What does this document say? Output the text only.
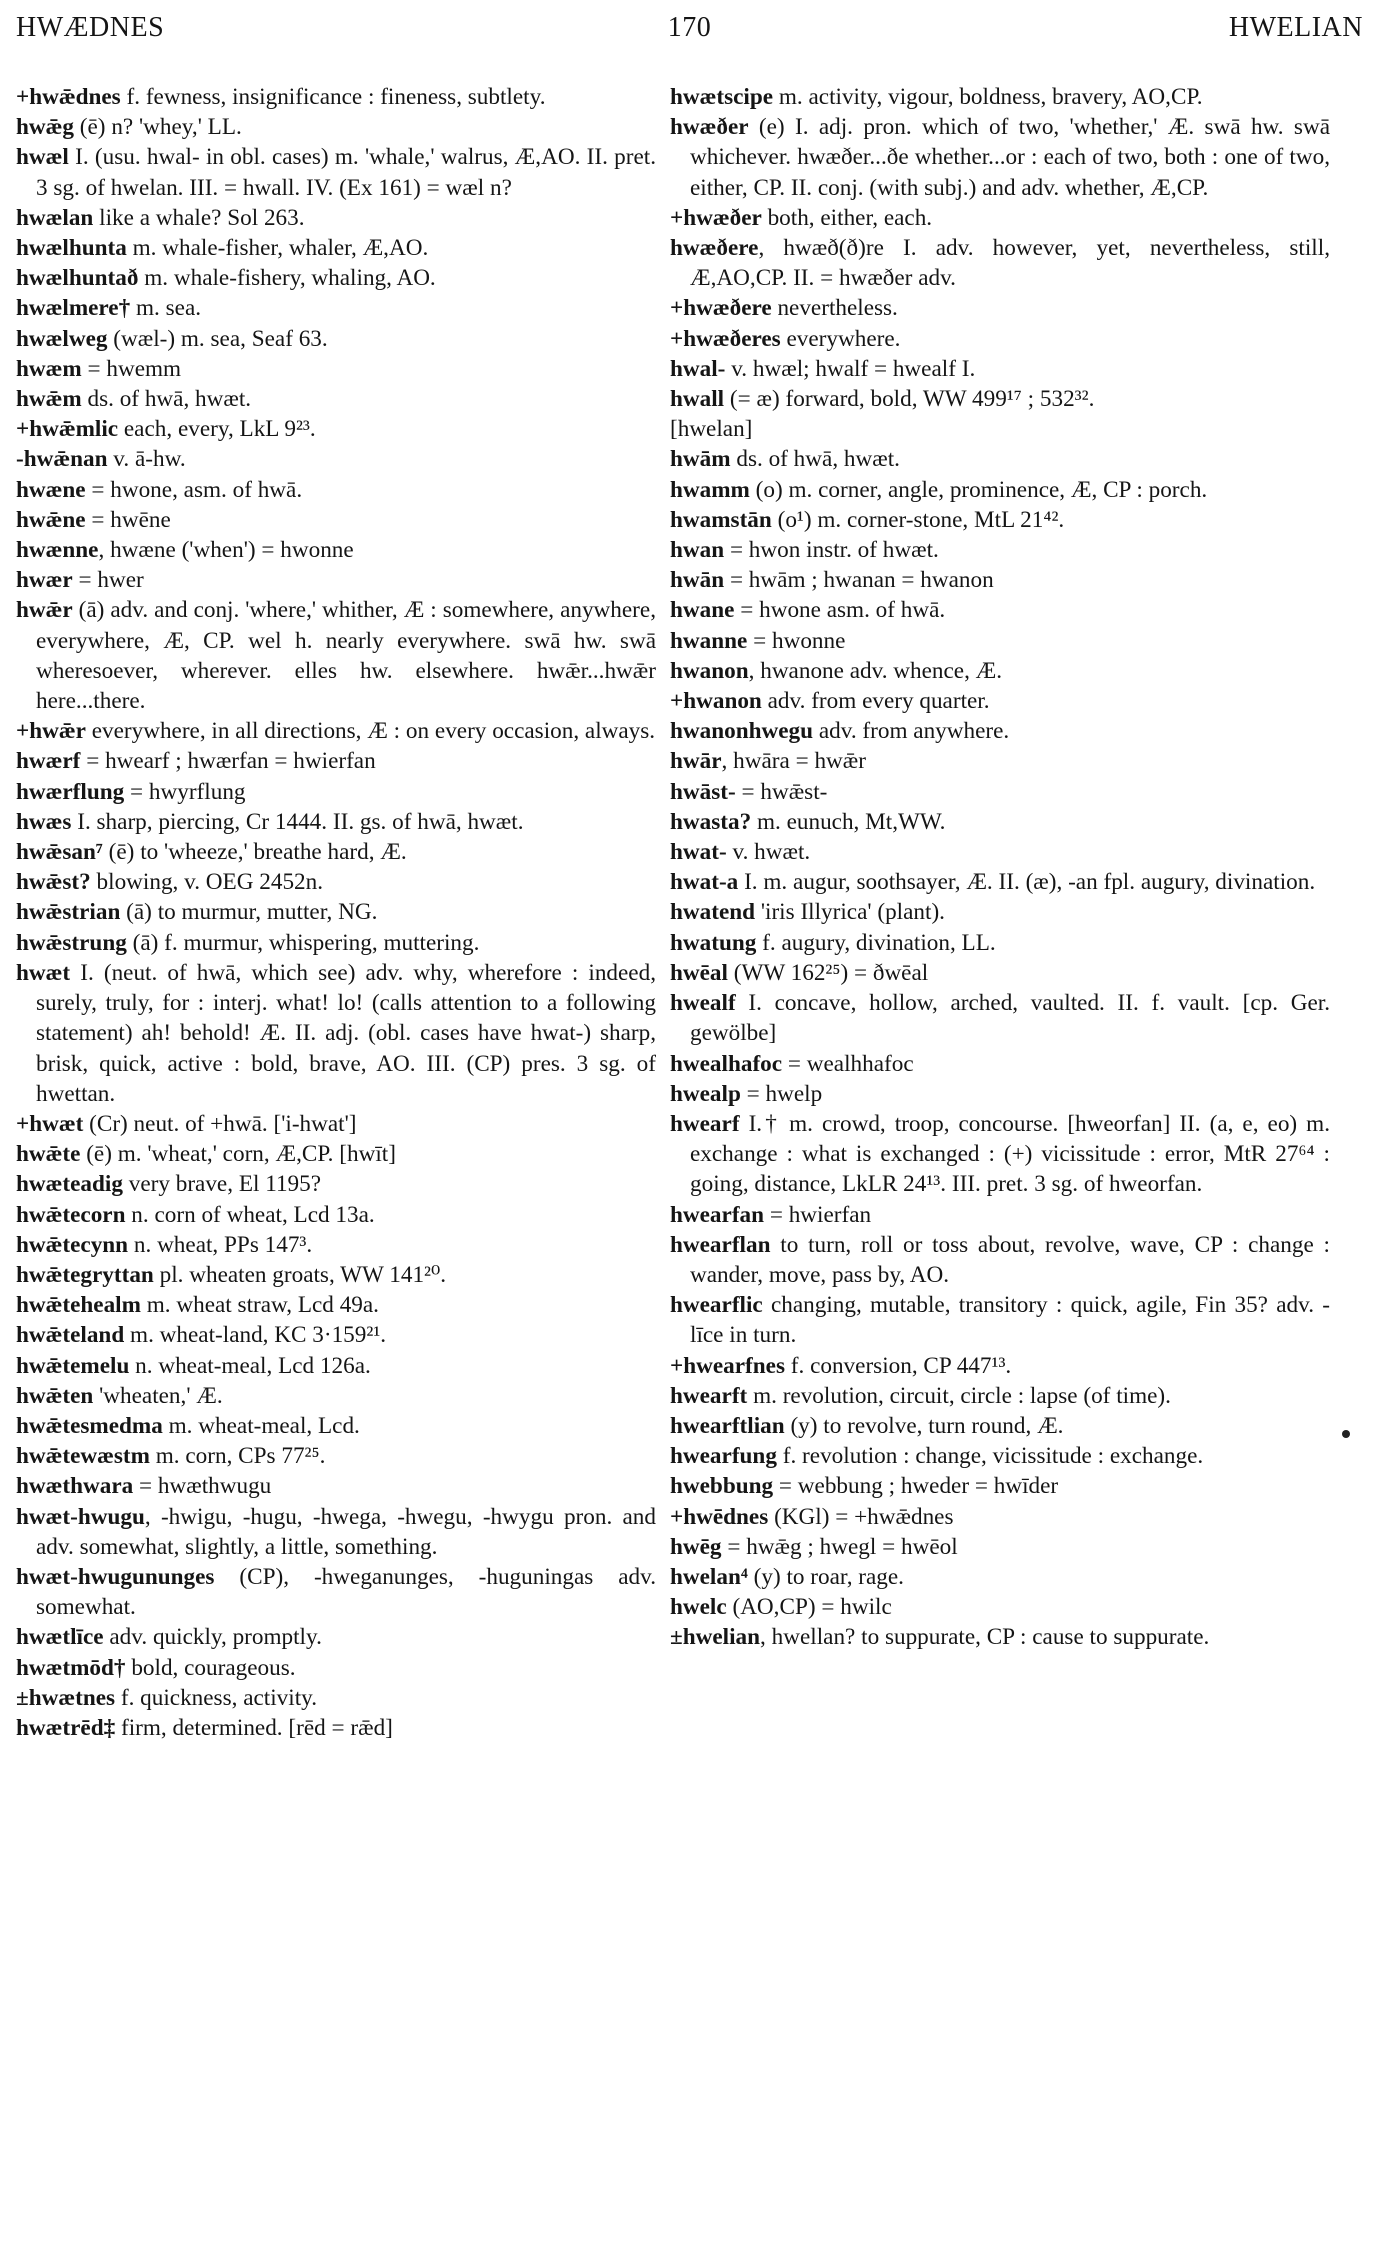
HWÆDNES	170	HWELIAN

+hwǣdnes f. fewness, insignificance : fineness, subtlety.

hwǣg (ē) n? 'whey,' LL.

hwæl I. (usu. hwal- in obl. cases) m. 'whale,' walrus, Æ,AO. II. pret. 3 sg. of hwelan. III. = hwall. IV. (Ex 161) = wæl n?

hwælan like a whale? Sol 263.

hwælhunta m. whale-fisher, whaler, Æ,AO.

hwælhuntað m. whale-fishery, whaling, AO.

hwælmere† m. sea.

hwælweg (wæl-) m. sea, Seaf 63.

hwæm = hwemm

hwǣm ds. of hwā, hwæt.

+hwǣmlic each, every, LkL 9²³.

-hwǣnan v. ā-hw.

hwæne = hwone, asm. of hwā.

hwǣne = hwēne

hwænne, hwæne ('when') = hwonne

hwær = hwer

hwǣr (ā) adv. and conj. 'where,' whither, Æ : somewhere, anywhere, everywhere, Æ, CP. wel h. nearly everywhere. swā hw. swā wheresoever, wherever. elles hw. elsewhere. hwǣr...hwǣr here...there.

+hwǣr everywhere, in all directions, Æ : on every occasion, always.

hwærf = hwearf ; hwærfan = hwierfan

hwærflung = hwyrflung

hwæs I. sharp, piercing, Cr 1444. II. gs. of hwā, hwæt.

hwǣsan⁷ (ē) to 'wheeze,' breathe hard, Æ.

hwǣst? blowing, v. OEG 2452n.

hwǣstrian (ā) to murmur, mutter, NG.

hwǣstrung (ā) f. murmur, whispering, muttering.

hwæt I. (neut. of hwā, which see) adv. why, wherefore : indeed, surely, truly, for : interj. what! lo! (calls attention to a following statement) ah! behold! Æ. II. adj. (obl. cases have hwat-) sharp, brisk, quick, active : bold, brave, AO. III. (CP) pres. 3 sg. of hwettan.

+hwæt (Cr) neut. of +hwā. ['i-hwat']

hwǣte (ē) m. 'wheat,' corn, Æ,CP. [hwīt]

hwæteadig very brave, El 1195?

hwǣtecorn n. corn of wheat, Lcd 13a.

hwǣtecynn n. wheat, PPs 147³.

hwǣtegryttan pl. wheaten groats, WW 141²⁰.

hwǣtehealm m. wheat straw, Lcd 49a.

hwǣteland m. wheat-land, KC 3·159²¹.

hwǣtemelu n. wheat-meal, Lcd 126a.

hwǣten 'wheaten,' Æ.

hwǣtesmedma m. wheat-meal, Lcd.

hwǣtewæstm m. corn, CPs 77²⁵.

hwæthwara = hwæthwugu

hwæt-hwugu, -hwigu, -hugu, -hwega, -hwegu, -hwygu pron. and adv. somewhat, slightly, a little, something.

hwæt-hwugununges (CP), -hweganunges, -huguningas adv. somewhat.

hwætlīce adv. quickly, promptly.

hwætmōd† bold, courageous.

±hwætnes f. quickness, activity.

hwætrēd‡ firm, determined. [rēd = rǣd]

hwætscipe m. activity, vigour, boldness, bravery, AO,CP.

hwæðer (e) I. adj. pron. which of two, 'whether,' Æ. swā hw. swā whichever. hwæðer...ðe whether...or : each of two, both : one of two, either, CP. II. conj. (with subj.) and adv. whether, Æ,CP.

+hwæðer both, either, each.

hwæðere, hwæð(ð)re I. adv. however, yet, nevertheless, still, Æ,AO,CP. II. = hwæðer adv.

+hwæðere nevertheless.

+hwæðeres everywhere.

hwal- v. hwæl; hwalf = hwealf I.

hwall (= æ) forward, bold, WW 499¹⁷ ; 532³².

[hwelan]

hwām ds. of hwā, hwæt.

hwamm (o) m. corner, angle, prominence, Æ, CP : porch.

hwamstān (o¹) m. corner-stone, MtL 21⁴².

hwan = hwon instr. of hwæt.

hwān = hwām ; hwanan = hwanon

hwane = hwone asm. of hwā.

hwanne = hwonne

hwanon, hwanone adv. whence, Æ.

+hwanon adv. from every quarter.

hwanonhwegu adv. from anywhere.

hwār, hwāra = hwǣr

hwāst- = hwǣst-

hwasta? m. eunuch, Mt,WW.

hwat- v. hwæt.

hwat-a I. m. augur, soothsayer, Æ. II. (æ), -an fpl. augury, divination.

hwatend 'iris Illyrica' (plant).

hwatung f. augury, divination, LL.

hwēal (WW 162²⁵) = ðwēal

hwealf I. concave, hollow, arched, vaulted. II. f. vault. [cp. Ger. gewölbe]

hwealhafoc = wealhhafoc

hwealp = hwelp

hwearf I.† m. crowd, troop, concourse. [hweorfan] II. (a, e, eo) m. exchange : what is exchanged : (+) vicissitude : error, MtR 27⁶⁴ : going, distance, LkLR 24¹³. III. pret. 3 sg. of hweorfan.

hwearfan = hwierfan

hwearflan to turn, roll or toss about, revolve, wave, CP : change : wander, move, pass by, AO.

hwearflic changing, mutable, transitory : quick, agile, Fin 35? adv. -līce in turn.

+hwearfnes f. conversion, CP 447¹³.

hwearft m. revolution, circuit, circle : lapse (of time).

hwearftlian (y) to revolve, turn round, Æ.

hwearfung f. revolution : change, vicissitude : exchange.

hwebbung = webbung ; hweder = hwīder

+hwēdnes (KGl) = +hwǣdnes

hwēg = hwǣg ; hwegl = hwēol

hwelan⁴ (y) to roar, rage.

hwelc (AO,CP) = hwilc

±hwelian, hwellan? to suppurate, CP : cause to suppurate.
